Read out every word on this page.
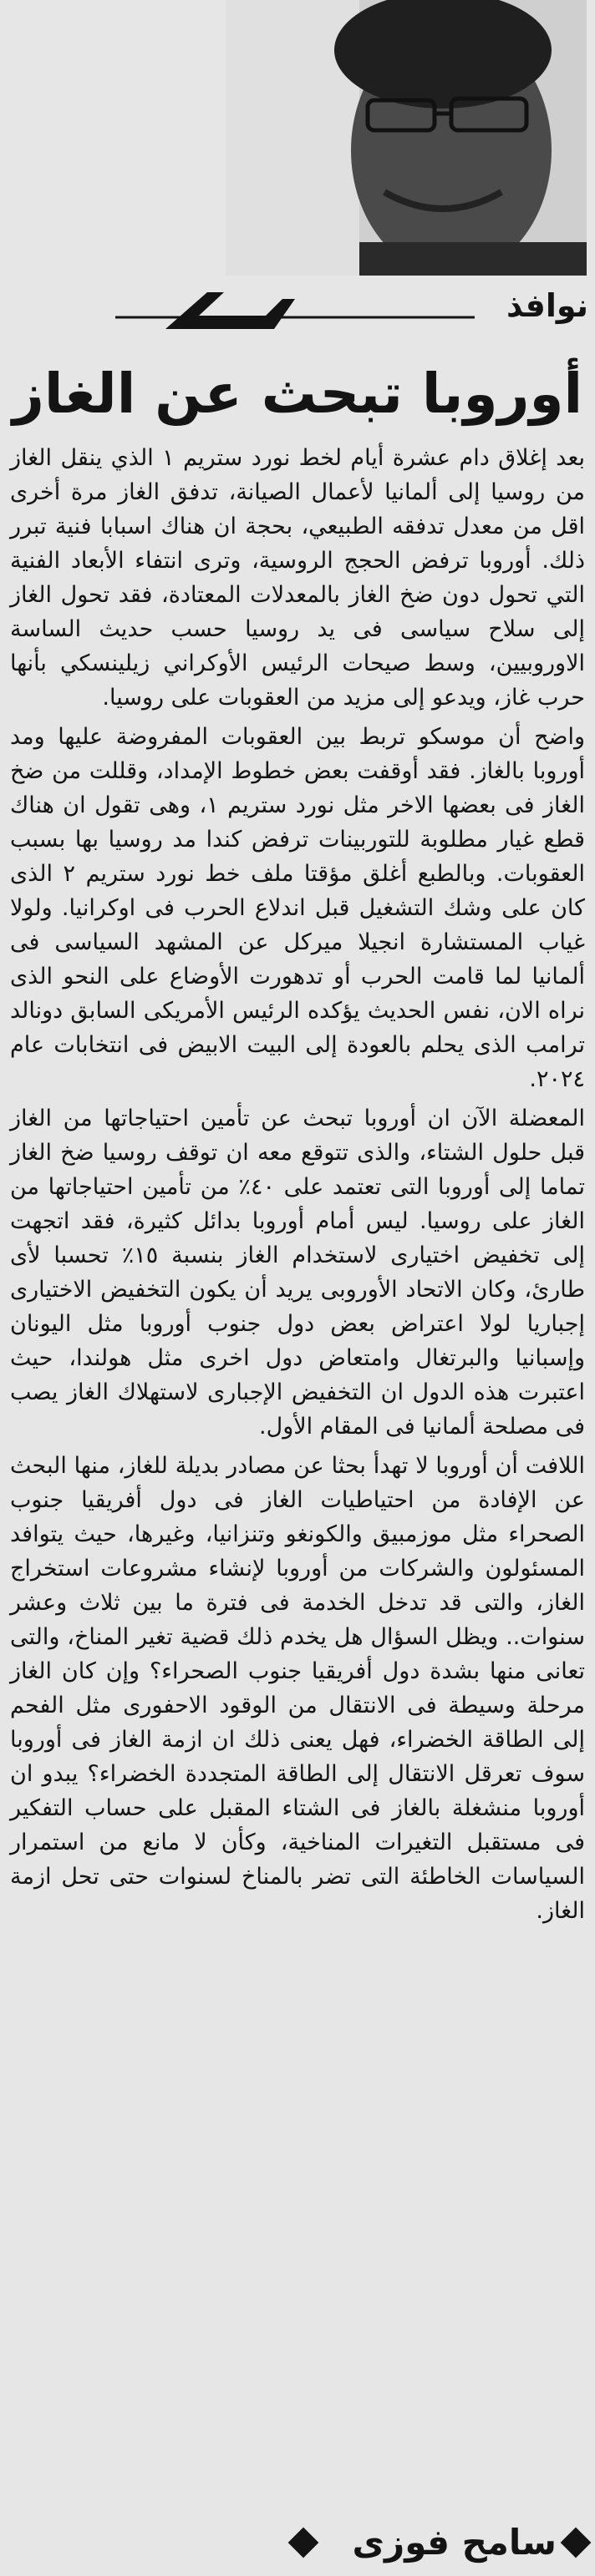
نوافذ
أوروبا تبحث عن الغاز

بعد إغلاق دام عشرة أيام لخط نورد ستريم ١ الذي ينقل الغاز من روسيا إلى ألمانيا لأعمال الصيانة، تدفق الغاز مرة أخرى اقل من معدل تدفقه الطبيعي، بحجة ان هناك اسبابا فنية تبرر ذلك. أوروبا ترفض الحجج الروسية، وترى انتفاء الأبعاد الفنية التي تحول دون ضخ الغاز بالمعدلات المعتادة، فقد تحول الغاز إلى سلاح سياسى فى يد روسيا حسب حديث الساسة الاوروبيين، وسط صيحات الرئيس الأوكراني زيلينسكي بأنها حرب غاز، ويدعو إلى مزيد من العقوبات على روسيا.

واضح أن موسكو تربط بين العقوبات المفروضة عليها ومد أوروبا بالغاز. فقد أوقفت بعض خطوط الإمداد، وقللت من ضخ الغاز فى بعضها الاخر مثل نورد ستريم ١، وهى تقول ان هناك قطع غيار مطلوبة للتوربينات ترفض كندا مد روسيا بها بسبب العقوبات. وبالطبع أغلق مؤقتا ملف خط نورد ستريم ٢ الذى كان على وشك التشغيل قبل اندلاع الحرب فى اوكرانيا. ولولا غياب المستشارة انجيلا ميركل عن المشهد السياسى فى ألمانيا لما قامت الحرب أو تدهورت الأوضاع على النحو الذى نراه الان، نفس الحديث يؤكده الرئيس الأمريكى السابق دونالد ترامب الذى يحلم بالعودة إلى البيت الابيض فى انتخابات عام ٢٠٢٤.

المعضلة الآن ان أوروبا تبحث عن تأمين احتياجاتها من الغاز قبل حلول الشتاء، والذى تتوقع معه ان توقف روسيا ضخ الغاز تماما إلى أوروبا التى تعتمد على ٤٠٪ من تأمين احتياجاتها من الغاز على روسيا. ليس أمام أوروبا بدائل كثيرة، فقد اتجهت إلى تخفيض اختيارى لاستخدام الغاز بنسبة ١٥٪ تحسبا لأى طارئ، وكان الاتحاد الأوروبى يريد أن يكون التخفيض الاختيارى إجباريا لولا اعتراض بعض دول جنوب أوروبا مثل اليونان وإسبانيا والبرتغال وامتعاض دول اخرى مثل هولندا، حيث اعتبرت هذه الدول ان التخفيض الإجبارى لاستهلاك الغاز يصب فى مصلحة ألمانيا فى المقام الأول.

اللافت أن أوروبا لا تهدأ بحثا عن مصادر بديلة للغاز، منها البحث عن الإفادة من احتياطيات الغاز فى دول أفريقيا جنوب الصحراء مثل موزمبيق والكونغو وتنزانيا، وغيرها، حيث يتوافد المسئولون والشركات من أوروبا لإنشاء مشروعات استخراج الغاز، والتى قد تدخل الخدمة فى فترة ما بين ثلاث وعشر سنوات.. ويظل السؤال هل يخدم ذلك قضية تغير المناخ، والتى تعانى منها بشدة دول أفريقيا جنوب الصحراء؟ وإن كان الغاز مرحلة وسيطة فى الانتقال من الوقود الاحفورى مثل الفحم إلى الطاقة الخضراء، فهل يعنى ذلك ان ازمة الغاز فى أوروبا سوف تعرقل الانتقال إلى الطاقة المتجددة الخضراء؟ يبدو ان أوروبا منشغلة بالغاز فى الشتاء المقبل على حساب التفكير فى مستقبل التغيرات المناخية، وكأن لا مانع من استمرار السياسات الخاطئة التى تضر بالمناخ لسنوات حتى تحل ازمة الغاز.

سامح فوزى
